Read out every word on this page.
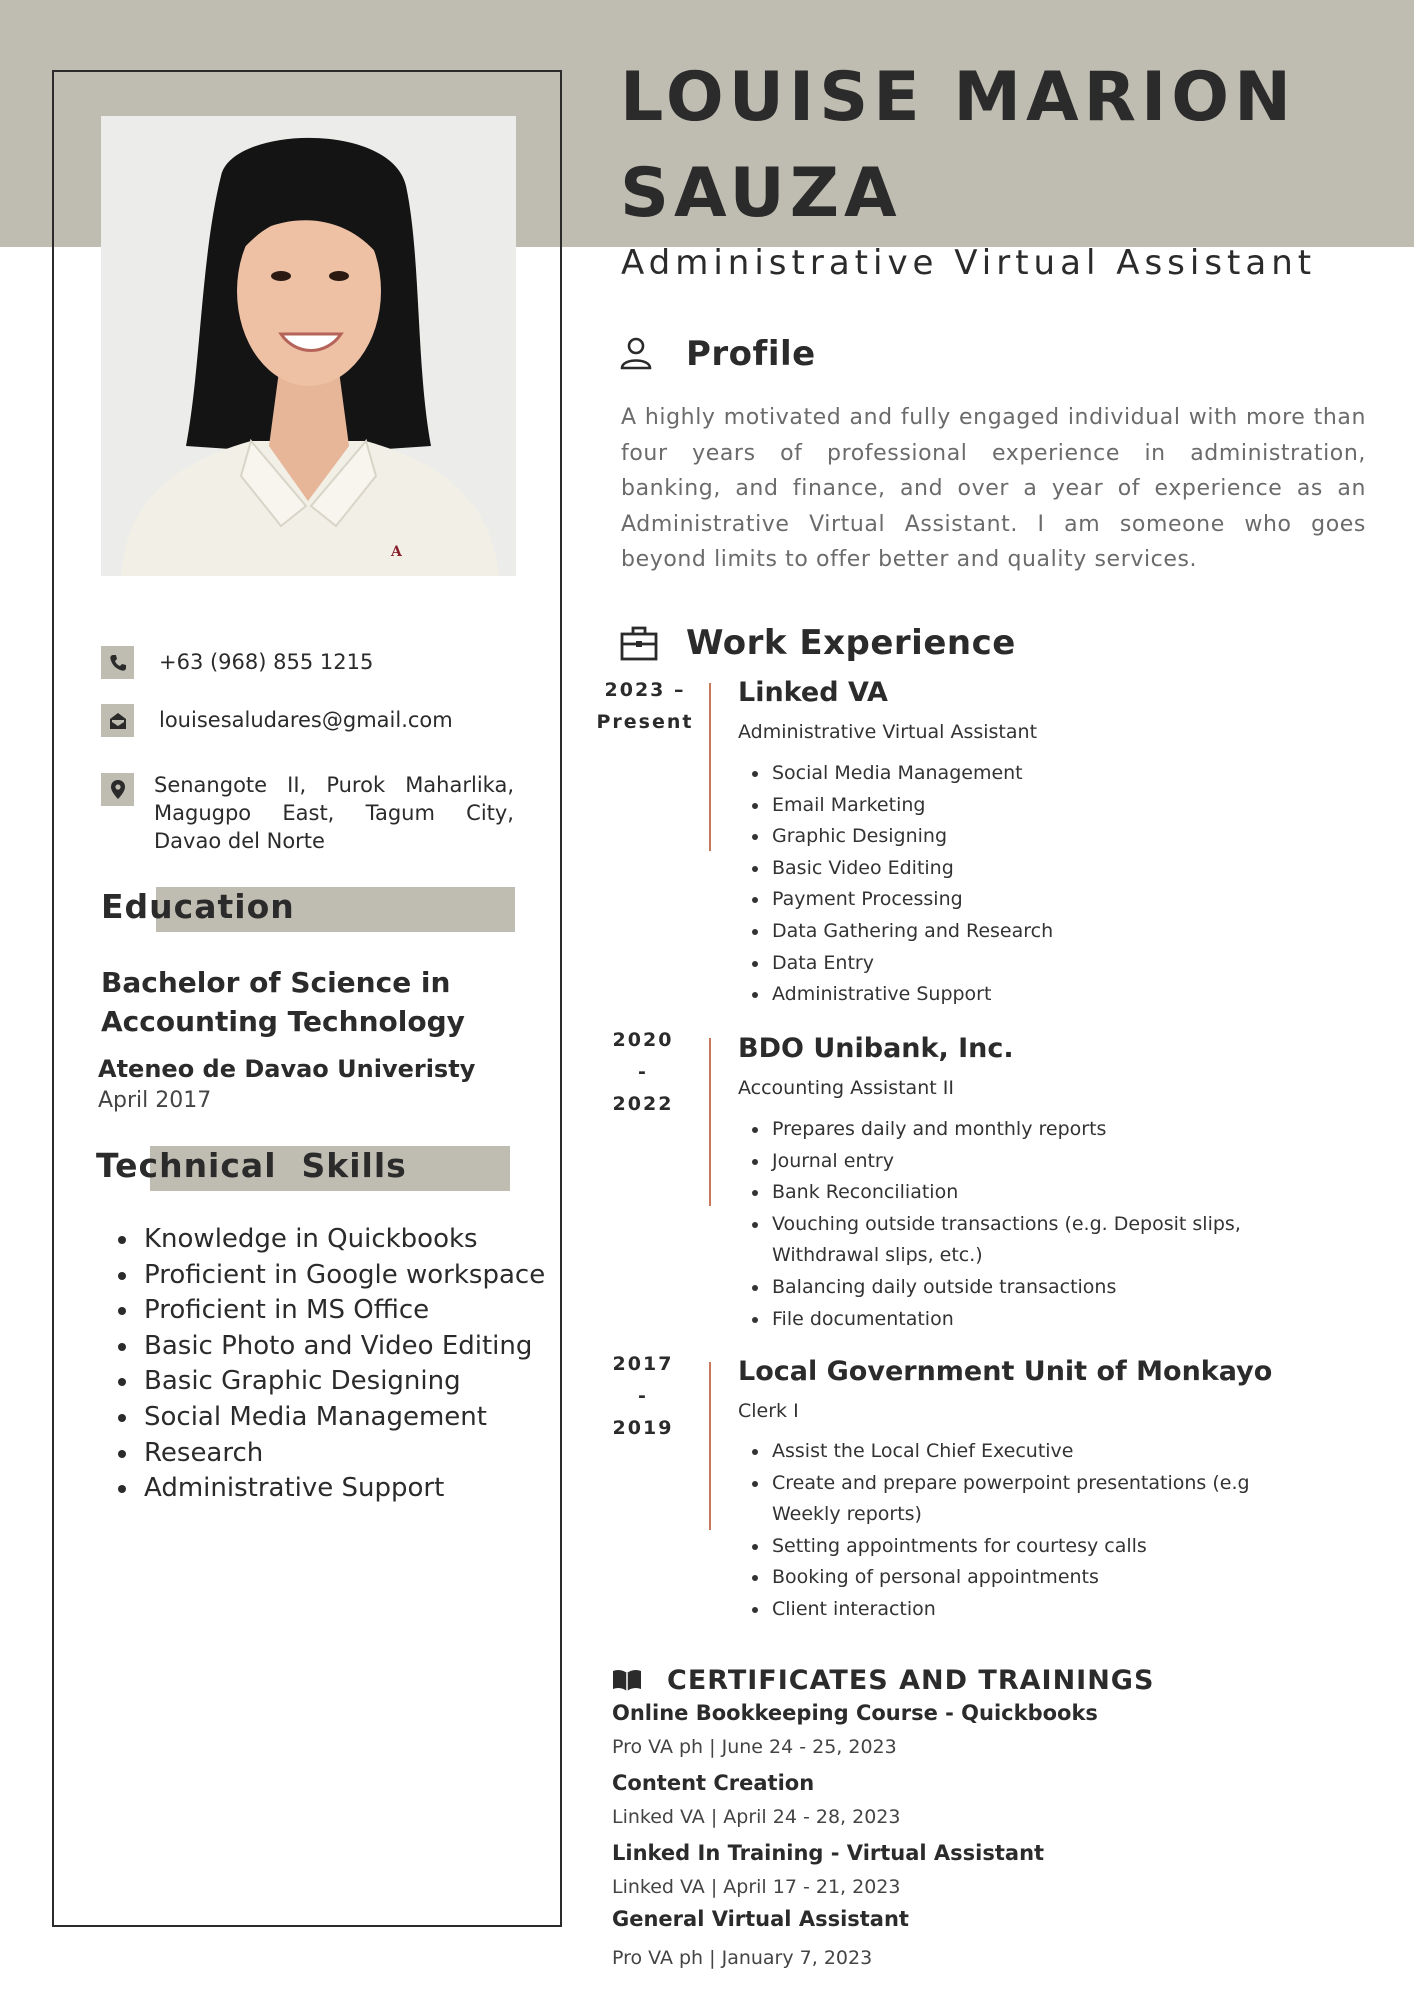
A
+63 (968) 855 1215
louisesaludares@gmail.com
Senangote II, Purok Maharlika, Magugpo East, Tagum City, Davao del Norte
Education
Bachelor of Science in Accounting Technology
Ateneo de Davao Univeristy
April 2017
Technical  Skills
• Knowledge in Quickbooks
• Proficient in Google workspace
• Proficient in MS Office
• Basic Photo and Video Editing
• Basic Graphic Designing
• Social Media Management
• Research
• Administrative Support
LOUISE MARION
SAUZA
Administrative Virtual Assistant
Profile
A highly motivated and fully engaged individual with more than four years of professional experience in administration, banking, and finance, and over a year of experience as an Administrative Virtual Assistant. I am someone who goes beyond limits to offer better and quality services.
Work Experience
2023 –
Present
Linked VA
Administrative Virtual Assistant
• Social Media Management
• Email Marketing
• Graphic Designing
• Basic Video Editing
• Payment Processing
• Data Gathering and Research
• Data Entry
• Administrative Support
2020
-
2022
BDO Unibank, Inc.
Accounting Assistant II
• Prepares daily and monthly reports
• Journal entry
• Bank Reconciliation
• Vouching outside transactions (e.g. Deposit slips, Withdrawal slips, etc.)
• Balancing daily outside transactions
• File documentation
2017
-
2019
Local Government Unit of Monkayo
Clerk I
• Assist the Local Chief Executive
• Create and prepare powerpoint presentations (e.g Weekly reports)
• Setting appointments for courtesy calls
• Booking of personal appointments
• Client interaction
CERTIFICATES AND TRAININGS
Online Bookkeeping Course - Quickbooks
Pro VA ph | June 24 - 25, 2023
Content Creation
Linked VA | April 24 - 28, 2023
Linked In Training - Virtual Assistant
Linked VA | April 17 - 21, 2023
General Virtual Assistant
Pro VA ph | January 7, 2023
